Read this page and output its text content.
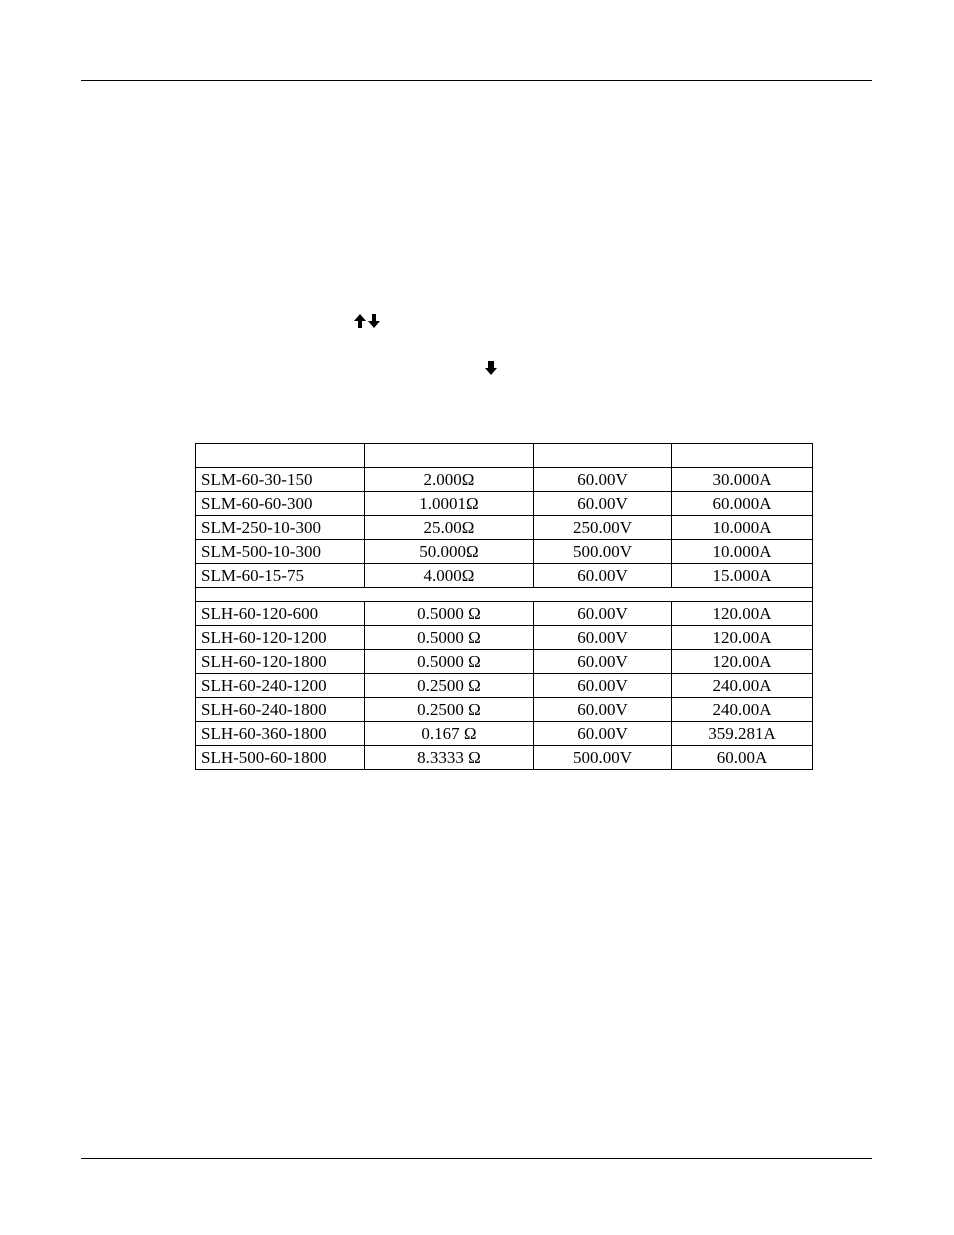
SLM-60-30-150	2.000Ω	60.00V	30.000A
SLM-60-60-300	1.0001Ω	60.00V	60.000A
SLM-250-10-300	25.00Ω	250.00V	10.000A
SLM-500-10-300	50.000Ω	500.00V	10.000A
SLM-60-15-75	4.000Ω	60.00V	15.000A

SLH-60-120-600	0.5000 Ω	60.00V	120.00A
SLH-60-120-1200	0.5000 Ω	60.00V	120.00A
SLH-60-120-1800	0.5000 Ω	60.00V	120.00A
SLH-60-240-1200	0.2500 Ω	60.00V	240.00A
SLH-60-240-1800	0.2500 Ω	60.00V	240.00A
SLH-60-360-1800	0.167 Ω	60.00V	359.281A
SLH-500-60-1800	8.3333 Ω	500.00V	60.00A
